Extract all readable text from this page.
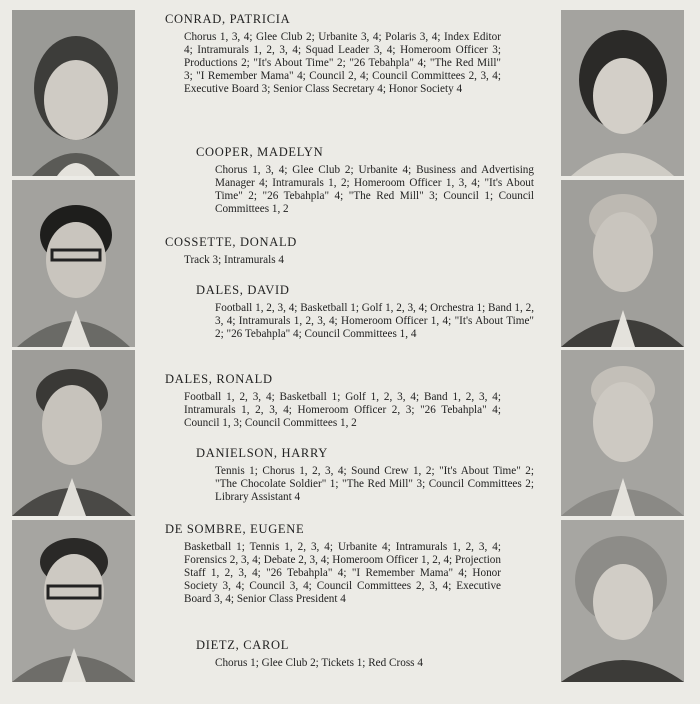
CONRAD, PATRICIA

Chorus 1, 3, 4; Glee Club 2; Urbanite 3, 4; Polaris 3, 4; Index Editor 4; Intramurals 1, 2, 3, 4; Squad Leader 3, 4; Homeroom Officer 3; Productions 2; "It's About Time" 2; "26 Tebahpla" 4; "The Red Mill" 3; "I Remember Mama" 4; Council 2, 4; Council Committees 2, 3, 4; Executive Board 3; Senior Class Secretary 4; Honor Society 4

COOPER, MADELYN

Chorus 1, 3, 4; Glee Club 2; Urbanite 4; Business and Advertising Manager 4; Intramurals 1, 2; Homeroom Officer 1, 3, 4; "It's About Time" 2; "26 Tebahpla" 4; "The Red Mill" 3; Council 1; Council Committees 1, 2

COSSETTE, DONALD

Track 3; Intramurals 4

DALES, DAVID

Football 1, 2, 3, 4; Basketball 1; Golf 1, 2, 3, 4; Orchestra 1; Band 1, 2, 3, 4; Intramurals 1, 2, 3, 4; Homeroom Officer 1, 4; "It's About Time" 2; "26 Tebahpla" 4; Council Committees 1, 4

DALES, RONALD

Football 1, 2, 3, 4; Basketball 1; Golf 1, 2, 3, 4; Band 1, 2, 3, 4; Intramurals 1, 2, 3, 4; Homeroom Officer 2, 3; "26 Tebahpla" 4; Council 1, 3; Council Committees 1, 2

DANIELSON, HARRY

Tennis 1; Chorus 1, 2, 3, 4; Sound Crew 1, 2; "It's About Time" 2; "The Chocolate Soldier" 1; "The Red Mill" 3; Council Committees 2; Library Assistant 4

DE SOMBRE, EUGENE

Basketball 1; Tennis 1, 2, 3, 4; Urbanite 4; Intramurals 1, 2, 3, 4; Forensics 2, 3, 4; Debate 2, 3, 4; Homeroom Officer 1, 2, 4; Projection Staff 1, 2, 3, 4; "26 Tebahpla" 4; "I Remember Mama" 4; Honor Society 3, 4; Council 3, 4; Council Committees 2, 3, 4; Executive Board 3, 4; Senior Class President 4

DIETZ, CAROL

Chorus 1; Glee Club 2; Tickets 1; Red Cross 4
